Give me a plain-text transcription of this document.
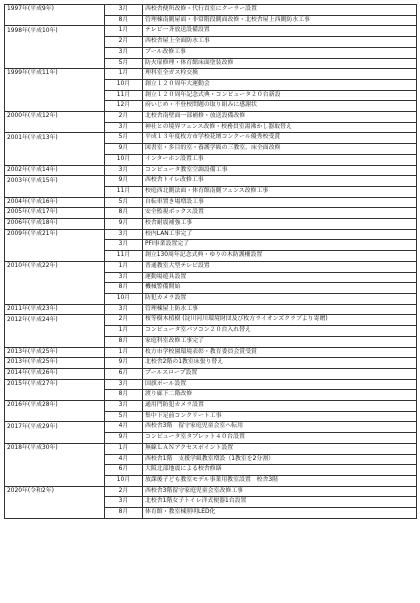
1997年(平成9年)	3月	西校舎便所改修・代行貢室にクーラー設置
	8月	管理棟南側屋面・非常階段側面改修・北校舎屋上西側防水工事
1998年(平成10年)	1月	テレビ一斉放送設備設置
	2月	西校舎屋上全面防水工事
	3月	プール改修工事
	5月	防火扉修理・体育館床面塗装改修
1999年(平成11年)	1月	理科室全ガス栓交換
	10月	創立１２０周年大運動会
	11月	創立１２０周年記念式典・コンピュータ２０台新設
	12月	府いじめ・不登校問題の取り組みに感謝状
2000年(平成12年)	2月	北校舎南壁面一部補修・放送設備改修
	3月	神社との境界フェンス改修・校務員室湯沸かし器取替え
2001年(平成13年)	5月	平成１３年度枚方市学校花壇コンクール優秀校受賞
	9月	図書室・多目的室・養護学級の三教室、床全面改修
	10月	インターホン設置工事
2002年(平成14年)	3月	コンピュータ教室空調設備工事
2003年(平成15年)	9月	西校舎トイレ改修工事
	11月	校庭西北側法面・体育館南側フェンス改修工事
2004年(平成16年)	5月	自転車置き場増設工事
2005年(平成17年)	8月	安全監視ボックス設置
2006年(平成18年)	9月	校舎耐震補強工事
2009年(平成21年)	3月	校内LAN工事完了
	3月	PFI事業設置完了
	11月	創立130周年記念式典・ゆりの木防護柵設置
2010年(平成22年)	1月	普通教室大型テレビ設置
	3月	運動場遊具設置
	8月	機械警備開始
	10月	防犯カメラ設置
2011年(平成23年)	3月	管理棟屋上防水工事
2012年(平成24年)	2月	桜等樹木植樹 (淀川河川環境財団及び枚方ライオンズクラブより寄贈)
	1月	コンピュータ室パソコン２０台入れ替え
	8月	家庭科室改修工事完了
2013年(平成25年)	1月	枚方市学校園環境表彰・教育委員会賞受賞
2013年(平成25年)	9月	北校舎2階の1教室床張り替え
2014年(平成26年)	6月	プールスロープ設置
2015年(平成27年)	3月	国旗ポール設置
	8月	渡り廊下二階改修
2016年(平成28年)	3月	通用門防犯カメラ設置
	5月	集中下足前コンクリート工事
2017年(平成29年)	4月	西校舎3階　留守家庭児童会室へ転用
	9月	コンピュータ室タブレット４０台設置
2018年(平成30年)	1月	無線ＬＡＮアクセスポイント設置
	4月	西校舎1階　支援学級教室増設（1教室を2分割）
	6月	大阪北部地震による校舎修繕
	10月	放課後子ども教室モデル事業用教室設置　校舎3階
2020年(令和2年)	2月	西校舎3階留守家庭児童会室改修工事
	3月	北校舎1階女子トイレ洋式便器1台設置
	8月	体育館・教室棟照明LED化
